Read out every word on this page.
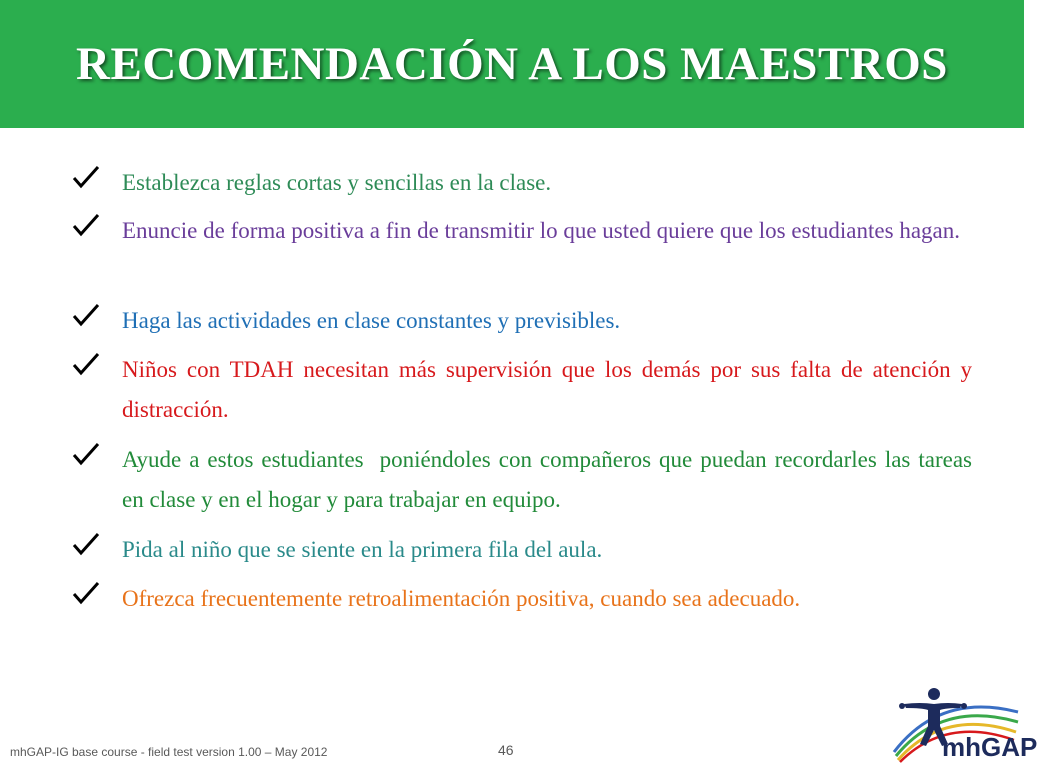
RECOMENDACIÓN A LOS MAESTROS
Establezca reglas cortas y sencillas en la clase.
Enuncie de forma positiva a fin de transmitir lo que usted quiere que los estudiantes hagan.
Haga las actividades en clase constantes y previsibles.
Niños con TDAH necesitan más supervisión que los demás por sus falta de atención y distracción.
Ayude a estos estudiantes  poniéndoles con compañeros que puedan recordarles las tareas en clase y en el hogar y para trabajar en equipo.
Pida al niño que se siente en la primera fila del aula.
Ofrezca frecuentemente retroalimentación positiva, cuando sea adecuado.
mhGAP-IG base course - field test version 1.00 – May 2012	46	mhGAP
